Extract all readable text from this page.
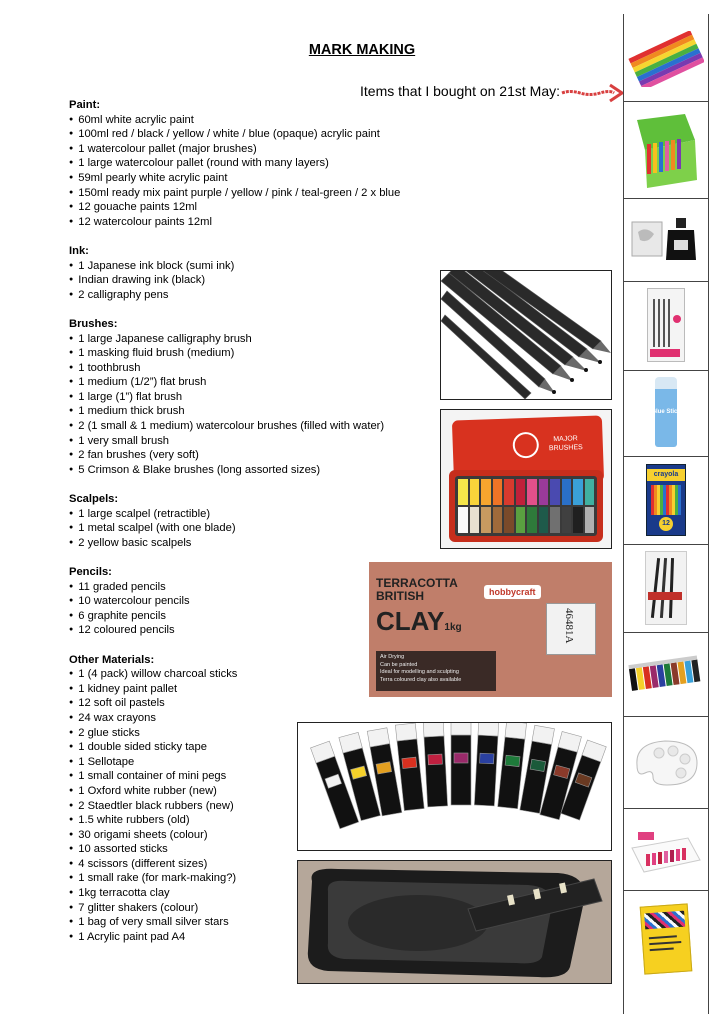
MARK MAKING
Items that I bought on 21st May:
Paint:
● 60ml white acrylic paint
● 100ml red / black / yellow / white / blue (opaque) acrylic paint
● 1 watercolour pallet (major brushes)
● 1 large watercolour pallet (round with many layers)
● 59ml pearly white acrylic paint
● 150ml ready mix paint purple / yellow / pink / teal-green / 2 x blue
● 12 gouache paints 12ml
● 12 watercolour paints 12ml
Ink:
● 1 Japanese ink block (sumi ink)
● Indian drawing ink (black)
● 2 calligraphy pens
Brushes:
● 1 large Japanese calligraphy brush
● 1 masking fluid brush (medium)
● 1 toothbrush
● 1 medium (1/2”) flat brush
● 1 large (1”) flat brush
● 1 medium thick brush
● 2 (1 small & 1 medium) watercolour brushes (filled with water)
● 1 very small brush
● 2 fan brushes (very soft)
● 5 Crimson & Blake brushes (long assorted sizes)
Scalpels:
● 1 large scalpel (retractible)
● 1 metal scalpel (with one blade)
● 2 yellow basic scalpels
Pencils:
● 11 graded pencils
● 10 watercolour pencils
● 6 graphite pencils
● 12 coloured pencils
Other Materials:
● 1 (4 pack) willow charcoal sticks
● 1 kidney paint pallet
● 12 soft oil pastels
● 24 wax crayons
● 2 glue sticks
● 1 double sided sticky tape
● 1 Sellotape
● 1 small container of mini pegs
● 1 Oxford white rubber (new)
● 2 Staedtler black rubbers (new)
● 1.5 white rubbers (old)
● 30 origami sheets (colour)
● 10 assorted sticks
● 4 scissors (different sizes)
● 1 small rake (for mark-making?)
● 1kg terracotta clay
● 7 glitter shakers (colour)
● 1 bag of very small silver stars
● 1 Acrylic paint pad A4
MAJOR
BRUSHES
TERRACOTTA
BRITISH
CLAY1kg
hobbycraft
46481A
Air Drying
Can be painted
Ideal for modelling and sculpting
Terra coloured clay also available
Glue Stick
crayola
12
